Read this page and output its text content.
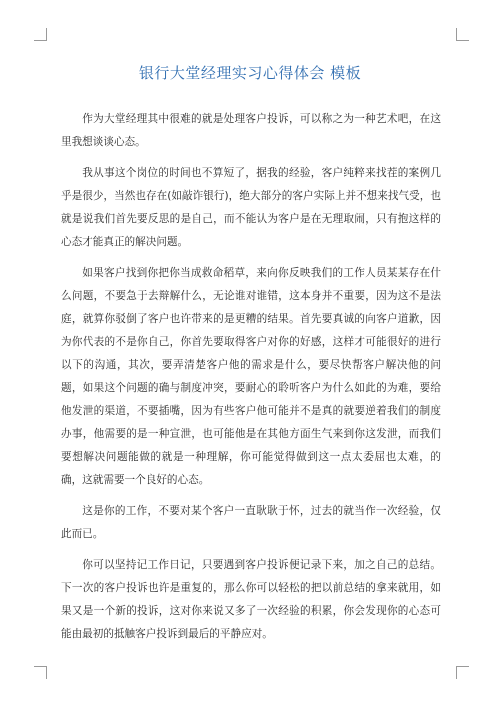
银行大堂经理实习心得体会 模板

作为大堂经理其中很难的就是处理客户投诉，可以称之为一种艺术吧，在这里我想谈谈心态。

我从事这个岗位的时间也不算短了，据我的经验，客户纯粹来找茬的案例几乎是很少，当然也存在(如敲诈银行)，绝大部分的客户实际上并不想来找气受，也就是说我们首先要反思的是自己，而不能认为客户是在无理取闹，只有抱这样的心态才能真正的解决问题。

如果客户找到你把你当成救命稻草，来向你反映我们的工作人员某某存在什么问题，不要急于去辩解什么，无论谁对谁错，这本身并不重要，因为这不是法庭，就算你驳倒了客户也许带来的是更糟的结果。首先要真诚的向客户道歉，因为你代表的不是你自己，你首先要取得客户对你的好感，这样才可能很好的进行以下的沟通，其次，要弄清楚客户他的需求是什么，要尽快帮客户解决他的问题，如果这个问题的确与制度冲突，要耐心的聆听客户为什么如此的为难，要给他发泄的渠道，不要插嘴，因为有些客户他可能并不是真的就要逆着我们的制度办事，他需要的是一种宣泄，也可能他是在其他方面生气来到你这发泄，而我们要想解决问题能做的就是一种理解，你可能觉得做到这一点太委屈也太难，的确，这就需要一个良好的心态。

这是你的工作，不要对某个客户一直耿耿于怀，过去的就当作一次经验，仅此而已。

你可以坚持记工作日记，只要遇到客户投诉便记录下来，加之自己的总结。下一次的客户投诉也许是重复的，那么你可以轻松的把以前总结的拿来就用，如果又是一个新的投诉，这对你来说又多了一次经验的积累，你会发现你的心态可能由最初的抵触客户投诉到最后的平静应对。
